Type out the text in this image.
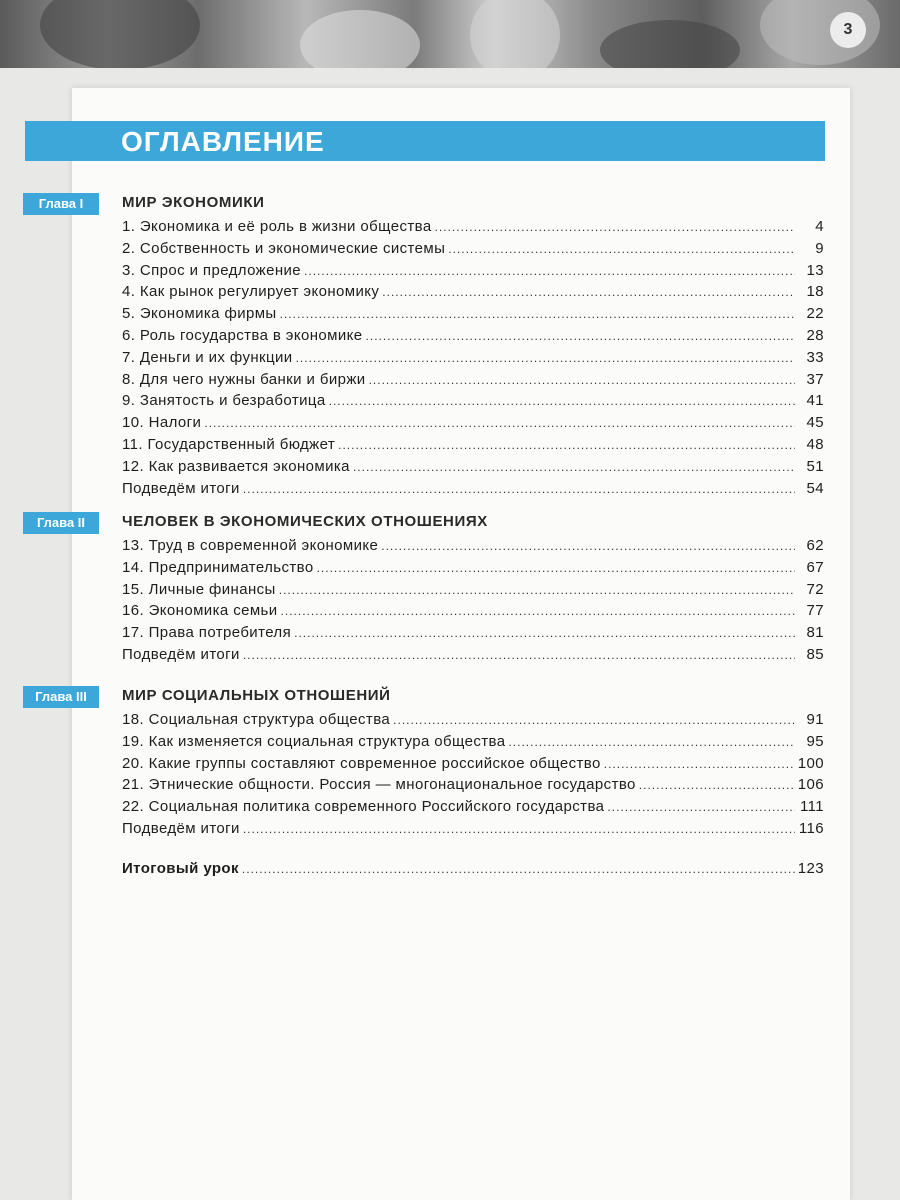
3
ОГЛАВЛЕНИЕ
Глава I	МИР ЭКОНОМИКИ
1. Экономика и её роль в жизни общества .....	4
2. Собственность и экономические системы .....	9
3. Спрос и предложение .....	13
4. Как рынок регулирует экономику .....	18
5. Экономика фирмы .....	22
6. Роль государства в экономике .....	28
7. Деньги и их функции .....	33
8. Для чего нужны банки и биржи .....	37
9. Занятость и безработица .....	41
10. Налоги .....	45
11. Государственный бюджет .....	48
12. Как развивается экономика .....	51
Подведём итоги .....	54
Глава II	ЧЕЛОВЕК В ЭКОНОМИЧЕСКИХ ОТНОШЕНИЯХ
13. Труд в современной экономике .....	62
14. Предпринимательство .....	67
15. Личные финансы .....	72
16. Экономика семьи .....	77
17. Права потребителя .....	81
Подведём итоги .....	85
Глава III	МИР СОЦИАЛЬНЫХ ОТНОШЕНИЙ
18. Социальная структура общества .....	91
19. Как изменяется социальная структура общества .....	95
20. Какие группы составляют современное российское общество .....	100
21. Этнические общности. Россия — многонациональное государство .....	106
22. Социальная политика современного Российского государства .....	111
Подведём итоги .....	116
Итоговый урок .....	123
